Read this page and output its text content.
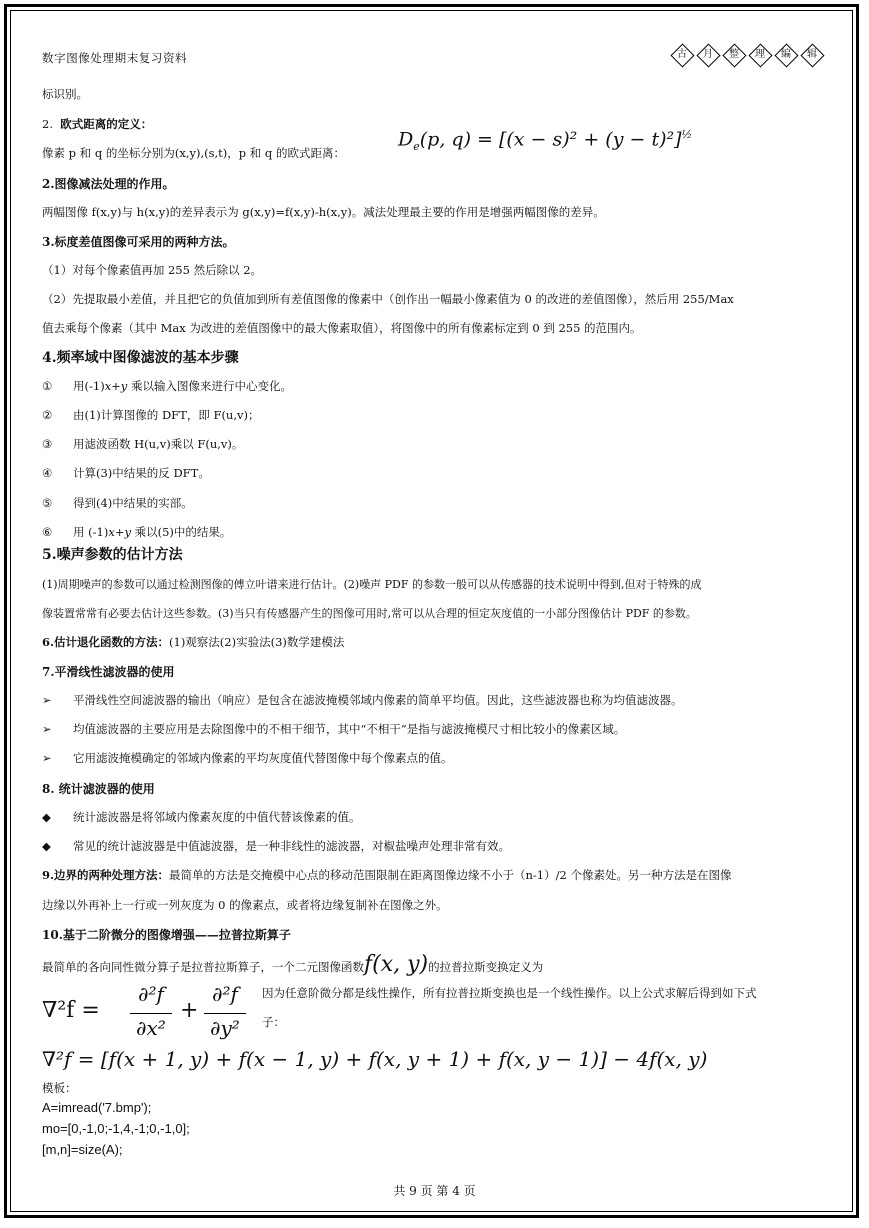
数字图像处理期末复习资料	古	月	整	理	编	辑
标识别。
2. 欧式距离的定义：
像素 p 和 q 的坐标分别为(x,y),(s,t)，p 和 q 的欧式距离：
$D_e(p$, $q) = [(x - s)^2 + (y - t)^2]^{\frac{1}{2}}$
2.图像减法处理的作用。
两幅图像 f(x,y)与 h(x,y)的差异表示为 g(x,y)=f(x,y)-h(x,y)。减法处理最主要的作用是增强两幅图像的差异。
3.标度差值图像可采用的两种方法。
（1）对每个像素值再加 255 然后除以 2。
（2）先提取最小差值，并且把它的负值加到所有差值图像的像素中（创作出一幅最小像素值为 0 的改进的差值图像），然后用 255/Max
值去乘每个像素（其中 Max 为改进的差值图像中的最大像素取值），将图像中的所有像素标定到 0 到 255 的范围内。
4.频率域中图像滤波的基本步骤
① 用(-1)x+y 乘以输入图像来进行中心变化。
② 由(1)计算图像的 DFT，即 F(u,v)；
③ 用滤波函数 H(u,v)乘以 F(u,v)。
④ 计算(3)中结果的反 DFT。
⑤ 得到(4)中结果的实部。
⑥ 用 (-1)x+y 乘以(5)中的结果。
5.噪声参数的估计方法
(1)周期噪声的参数可以通过检测图像的傅立叶谱来进行估计。(2)噪声 PDF 的参数一般可以从传感器的技术说明中得到,但对于特殊的成
像装置常常有必要去估计这些参数。(3)当只有传感器产生的图像可用时,常可以从合理的恒定灰度值的一小部分图像估计 PDF 的参数。
6.估计退化函数的方法：(1)观察法(2)实验法(3)数学建模法
7.平滑线性滤波器的使用
➢ 平滑线性空间滤波器的输出（响应）是包含在滤波掩模邻域内像素的简单平均值。因此，这些滤波器也称为均值滤波器。
➢ 均值滤波器的主要应用是去除图像中的不相干细节，其中“不相干”是指与滤波掩模尺寸相比较小的像素区域。
➢ 它用滤波掩模确定的邻域内像素的平均灰度值代替图像中每个像素点的值。
8. 统计滤波器的使用
◆ 统计滤波器是将邻域内像素灰度的中值代替该像素的值。
◆ 常见的统计滤波器是中值滤波器，是一种非线性的滤波器，对椒盐噪声处理非常有效。
9.边界的两种处理方法：最简单的方法是交掩模中心点的移动范围限制在距离图像边缘不小于（n-1）/2 个像素处。另一种方法是在图像
边缘以外再补上一行或一列灰度为 0 的像素点，或者将边缘复制补在图像之外。
10.基于二阶微分的图像增强——拉普拉斯算子
最简单的各向同性微分算子是拉普拉斯算子，一个二元图像函数f(x, y)的拉普拉斯变换定义为
∇²f =
∂²f
∂x²
+
∂²f
∂y²
因为任意阶微分都是线性操作，所有拉普拉斯变换也是一个线性操作。以上公式求解后得到如下式
子：
∇²f = [f(x + 1, y) + f(x − 1, y) + f(x, y + 1) + f(x, y − 1)] − 4f(x, y)
模板：
A=imread('7.bmp');
mo=[0,-1,0;-1,4,-1;0,-1,0];
[m,n]=size(A);
共 9 页 第 4 页
